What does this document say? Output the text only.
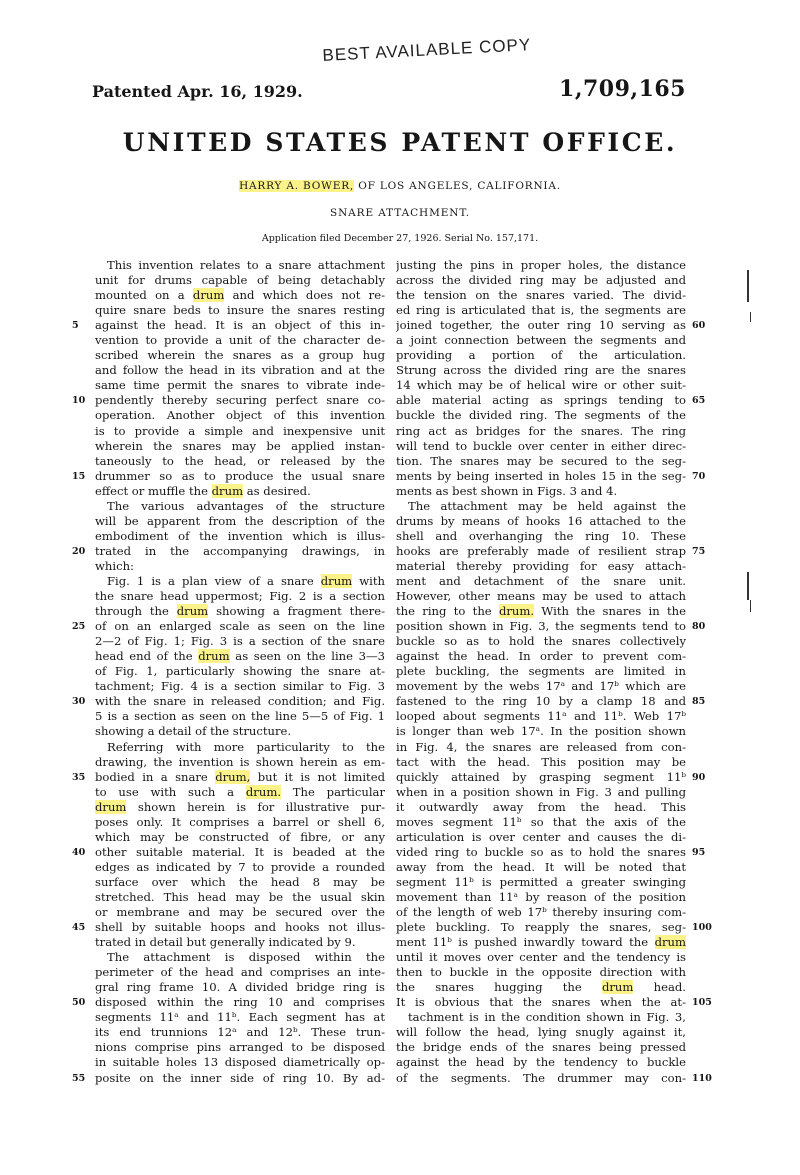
BEST AVAILABLE COPY
Patented Apr. 16, 1929.	1,709,165
UNITED STATES PATENT OFFICE.
HARRY A. BOWER, OF LOS ANGELES, CALIFORNIA.
SNARE ATTACHMENT.
Application filed December 27, 1926. Serial No. 157,171.
This invention relates to a snare attachment
unit for drums capable of being detachably
mounted on a drum and which does not re-
quire snare beds to insure the snares resting
against the head. It is an object of this in-
vention to provide a unit of the character de-
scribed wherein the snares as a group hug
and follow the head in its vibration and at the
same time permit the snares to vibrate inde-
pendently thereby securing perfect snare co-
operation. Another object of this invention
is to provide a simple and inexpensive unit
wherein the snares may be applied instan-
taneously to the head, or released by the
drummer so as to produce the usual snare
effect or muffle the drum as desired.
The various advantages of the structure
will be apparent from the description of the
embodiment of the invention which is illus-
trated in the accompanying drawings, in
which:
Fig. 1 is a plan view of a snare drum with
the snare head uppermost; Fig. 2 is a section
through the drum showing a fragment there-
of on an enlarged scale as seen on the line
2—2 of Fig. 1; Fig. 3 is a section of the snare
head end of the drum as seen on the line 3—3
of Fig. 1, particularly showing the snare at-
tachment; Fig. 4 is a section similar to Fig. 3
with the snare in released condition; and Fig.
5 is a section as seen on the line 5—5 of Fig. 1
showing a detail of the structure.
Referring with more particularity to the
drawing, the invention is shown herein as em-
bodied in a snare drum, but it is not limited
to use with such a drum. The particular
drum shown herein is for illustrative pur-
poses only. It comprises a barrel or shell 6,
which may be constructed of fibre, or any
other suitable material. It is beaded at the
edges as indicated by 7 to provide a rounded
surface over which the head 8 may be
stretched. This head may be the usual skin
or membrane and may be secured over the
shell by suitable hoops and hooks not illus-
trated in detail but generally indicated by 9.
The attachment is disposed within the
perimeter of the head and comprises an inte-
gral ring frame 10. A divided bridge ring is
disposed within the ring 10 and comprises
segments 11ᵃ and 11ᵇ. Each segment has at
its end trunnions 12ᵃ and 12ᵇ. These trun-
nions comprise pins arranged to be disposed
in suitable holes 13 disposed diametrically op-
posite on the inner side of ring 10. By ad-
justing the pins in proper holes, the distance
across the divided ring may be adjusted and
the tension on the snares varied. The divid-
ed ring is articulated that is, the segments are
joined together, the outer ring 10 serving as
a joint connection between the segments and
providing a portion of the articulation.
Strung across the divided ring are the snares
14 which may be of helical wire or other suit-
able material acting as springs tending to
buckle the divided ring. The segments of the
ring act as bridges for the snares. The ring
will tend to buckle over center in either direc-
tion. The snares may be secured to the seg-
ments by being inserted in holes 15 in the seg-
ments as best shown in Figs. 3 and 4.
The attachment may be held against the
drums by means of hooks 16 attached to the
shell and overhanging the ring 10. These
hooks are preferably made of resilient strap
material thereby providing for easy attach-
ment and detachment of the snare unit.
However, other means may be used to attach
the ring to the drum. With the snares in the
position shown in Fig. 3, the segments tend to
buckle so as to hold the snares collectively
against the head. In order to prevent com-
plete buckling, the segments are limited in
movement by the webs 17ᵃ and 17ᵇ which are
fastened to the ring 10 by a clamp 18 and
looped about segments 11ᵃ and 11ᵇ. Web 17ᵇ
is longer than web 17ᵃ. In the position shown
in Fig. 4, the snares are released from con-
tact with the head. This position may be
quickly attained by grasping segment 11ᵇ
when in a position shown in Fig. 3 and pulling
it outwardly away from the head. This
moves segment 11ᵇ so that the axis of the
articulation is over center and causes the di-
vided ring to buckle so as to hold the snares
away from the head. It will be noted that
segment 11ᵇ is permitted a greater swinging
movement than 11ᵃ by reason of the position
of the length of web 17ᵇ thereby insuring com-
plete buckling. To reapply the snares, seg-
ment 11ᵇ is pushed inwardly toward the drum
until it moves over center and the tendency is
then to buckle in the opposite direction with
the snares hugging the drum head.
It is obvious that the snares when the at-
tachment is in the condition shown in Fig. 3,
will follow the head, lying snugly against it,
the bridge ends of the snares being pressed
against the head by the tendency to buckle
of the segments. The drummer may con-
5
10
15
20
25
30
35
40
45
50
55
60
65
70
75
80
85
90
95
100
105
110
